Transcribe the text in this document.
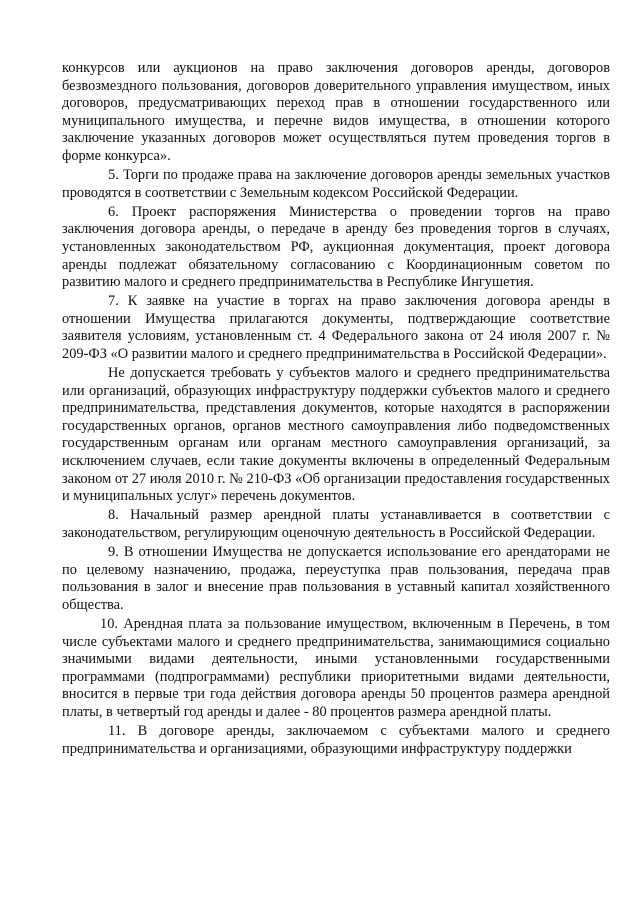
конкурсов или аукционов на право заключения договоров аренды, договоров безвозмездного пользования, договоров доверительного управления имуществом, иных договоров, предусматривающих переход прав в отношении государственного или муниципального имущества, и перечне видов имущества, в отношении которого заключение указанных договоров может осуществляться путем проведения торгов в форме конкурса».

5. Торги по продаже права на заключение договоров аренды земельных участков проводятся в соответствии с Земельным кодексом Российской Федерации.

6. Проект распоряжения Министерства о проведении торгов на право заключения договора аренды, о передаче в аренду без проведения торгов в случаях, установленных законодательством РФ, аукционная документация, проект договора аренды подлежат обязательному согласованию с Координационным советом по развитию малого и среднего предпринимательства в Республике Ингушетия.

7. К заявке на участие в торгах на право заключения договора аренды в отношении Имущества прилагаются документы, подтверждающие соответствие заявителя условиям, установленным ст. 4 Федерального закона от 24 июля 2007 г. № 209-ФЗ «О развитии малого и среднего предпринимательства в Российской Федерации».

Не допускается требовать у субъектов малого и среднего предпринимательства или организаций, образующих инфраструктуру поддержки субъектов малого и среднего предпринимательства, представления документов, которые находятся в распоряжении государственных органов, органов местного самоуправления либо подведомственных государственным органам или органам местного самоуправления организаций, за исключением случаев, если такие документы включены в определенный Федеральным законом от 27 июля 2010 г. № 210-ФЗ «Об организации предоставления государственных и муниципальных услуг» перечень документов.

8. Начальный размер арендной платы устанавливается в соответствии с законодательством, регулирующим оценочную деятельность в Российской Федерации.

9. В отношении Имущества не допускается использование его арендаторами не по целевому назначению, продажа, переуступка прав пользования, передача прав пользования в залог и внесение прав пользования в уставный капитал хозяйственного общества.

10. Арендная плата за пользование имуществом, включенным в Перечень, в том числе субъектами малого и среднего предпринимательства, занимающимися социально значимыми видами деятельности, иными установленными государственными программами (подпрограммами) республики приоритетными видами деятельности, вносится в первые три года действия договора аренды 50 процентов размера арендной платы, в четвертый год аренды и далее - 80 процентов размера арендной платы.

11. В договоре аренды, заключаемом с субъектами малого и среднего предпринимательства и организациями, образующими инфраструктуру поддержки
